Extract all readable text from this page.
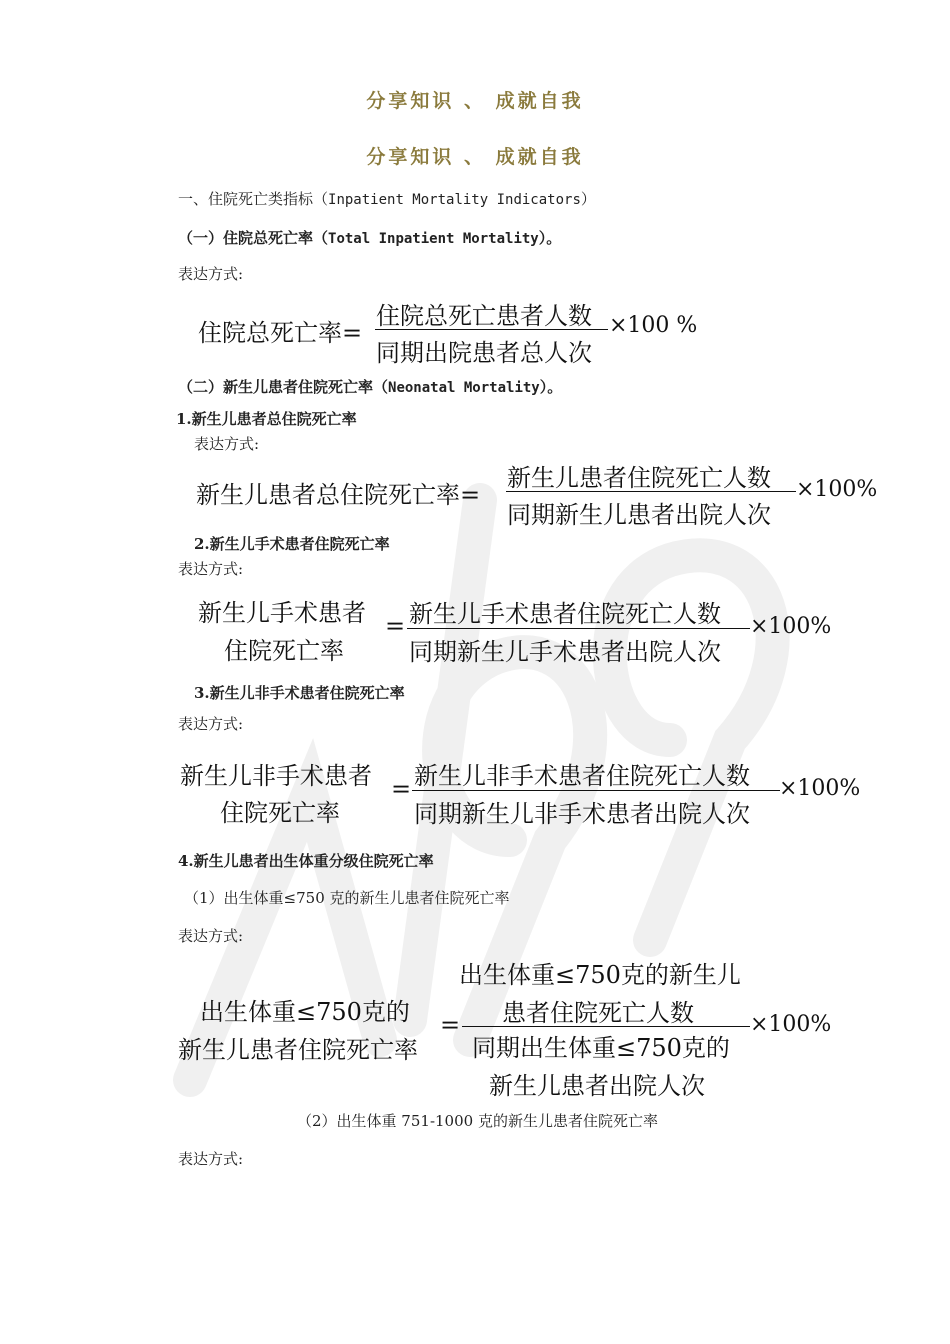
分享知识 、 成就自我
分享知识 、 成就自我
一、住院死亡类指标（Inpatient Mortality Indicators）
（一）住院总死亡率（Total Inpatient Mortality）。
表达方式:
住院总死亡率=
住院总死亡患者人数
同期出院患者总人次
×100 %
（二）新生儿患者住院死亡率（Neonatal Mortality）。
1.新生儿患者总住院死亡率
表达方式:
新生儿患者总住院死亡率=
新生儿患者住院死亡人数
同期新生儿患者出院人次
×100%
2.新生儿手术患者住院死亡率
表达方式:
新生儿手术患者
住院死亡率
= 新生儿手术患者住院死亡人数
同期新生儿手术患者出院人次
×100%
3.新生儿非手术患者住院死亡率
表达方式:
新生儿非手术患者
住院死亡率
= 新生儿非手术患者住院死亡人数
同期新生儿非手术患者出院人次
×100%
4.新生儿患者出生体重分级住院死亡率
（1）出生体重≤750 克的新生儿患者住院死亡率
表达方式:
出生体重≤750克的
新生儿患者住院死亡率
=
出生体重≤750克的新生儿
患者住院死亡人数
同期出生体重≤750克的
新生儿患者出院人次
×100%
（2）出生体重 751-1000 克的新生儿患者住院死亡率
表达方式:
